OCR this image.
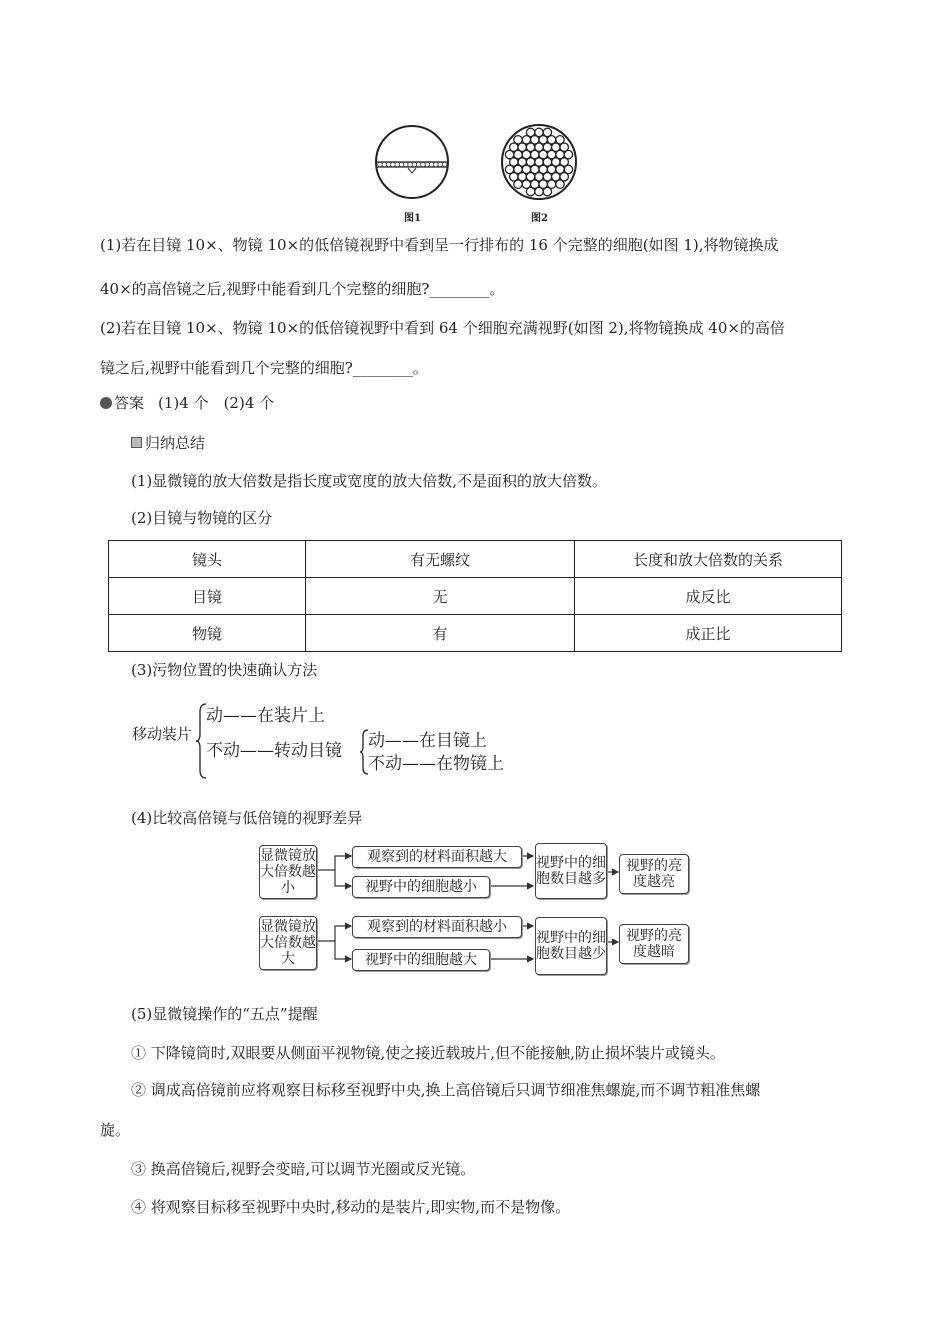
图1	图2
(1)若在目镜 10×、物镜 10×的低倍镜视野中看到呈一行排布的 16 个完整的细胞(如图 1),将物镜换成
40×的高倍镜之后,视野中能看到几个完整的细胞?________。
(2)若在目镜 10×、物镜 10×的低倍镜视野中看到 64 个细胞充满视野(如图 2),将物镜换成 40×的高倍
镜之后,视野中能看到几个完整的细胞?________。
答案 (1)4 个　(2)4 个
归纳总结
(1)显微镜的放大倍数是指长度或宽度的放大倍数,不是面积的放大倍数。
(2)目镜与物镜的区分
镜头	有无螺纹	长度和放大倍数的关系
目镜	无	成反比
物镜	有	成正比
(3)污物位置的快速确认方法
移动装片
动——在装片上
不动——转动目镜 动——在目镜上
不动——在物镜上
(4)比较高倍镜与低倍镜的视野差异
显微镜放大倍数越小
观察到的材料面积越大
视野中的细胞越小
视野中的细胞数目越多
视野的亮度越亮
显微镜放大倍数越大
观察到的材料面积越小
视野中的细胞越大
视野中的细胞数目越少
视野的亮度越暗
(5)显微镜操作的“五点”提醒
① 下降镜筒时,双眼要从侧面平视物镜,使之接近载玻片,但不能接触,防止损坏装片或镜头。
② 调成高倍镜前应将观察目标移至视野中央,换上高倍镜后只调节细准焦螺旋,而不调节粗准焦螺
旋。
③ 换高倍镜后,视野会变暗,可以调节光圈或反光镜。
④ 将观察目标移至视野中央时,移动的是装片,即实物,而不是物像。
